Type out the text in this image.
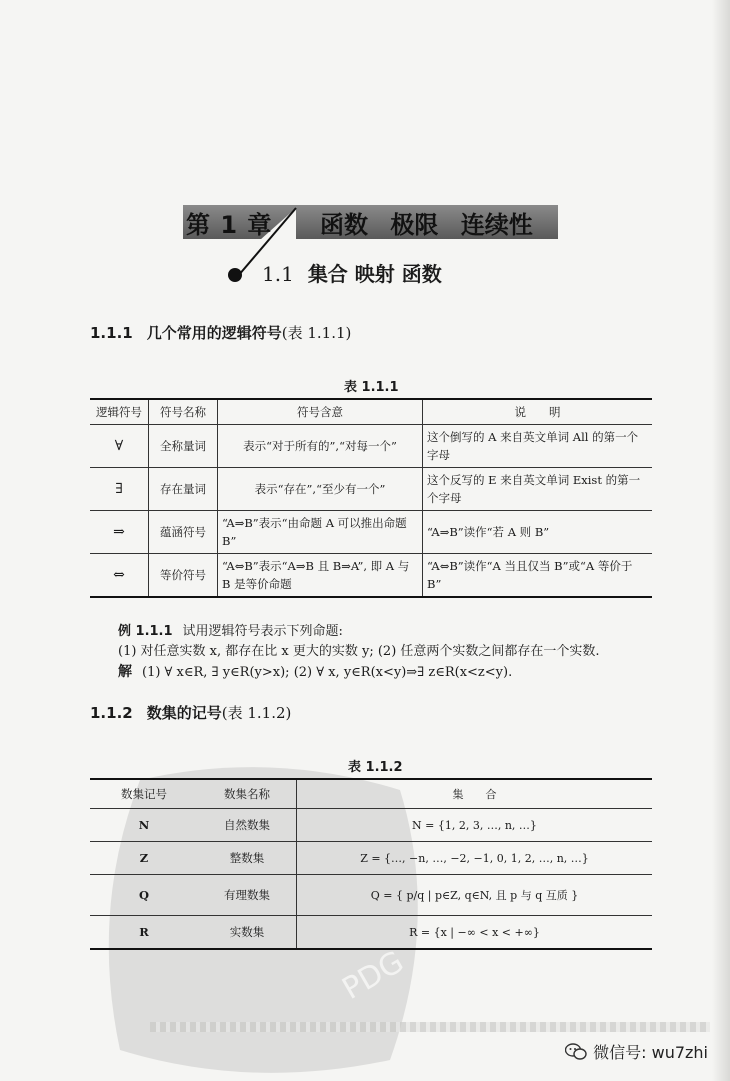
PDG
第 1 章 函数 极限 连续性
1.1 集合 映射 函数
1.1.1 几个常用的逻辑符号(表 1.1.1)
表 1.1.1
逻辑符号	符号名称	符号含意	说　　明
∀	全称量词	表示“对于所有的”,“对每一个”	这个倒写的 A 来自英文单词 All 的第一个字母
∃	存在量词	表示“存在”,“至少有一个”	这个反写的 E 来自英文单词 Exist 的第一个字母
⇒	蕴涵符号	“A⇒B”表示“由命题 A 可以推出命题 B”	“A⇒B”读作“若 A 则 B”
⇔	等价符号	“A⇔B”表示“A⇒B 且 B⇒A”, 即 A 与 B 是等价命题	“A⇔B”读作“A 当且仅当 B”或“A 等价于 B”
例 1.1.1 试用逻辑符号表示下列命题:
(1) 对任意实数 x, 都存在比 x 更大的实数 y; (2) 任意两个实数之间都存在一个实数.
解 (1) ∀ x∈R, ∃ y∈R(y>x); (2) ∀ x, y∈R(x<y)⇒∃ z∈R(x<z<y).
1.1.2 数集的记号(表 1.1.2)
表 1.1.2
数集记号	数集名称	集　　合
N	自然数集	N = {1, 2, 3, …, n, …}
Z	整数集	Z = {…, −n, …, −2, −1, 0, 1, 2, …, n, …}
Q	有理数集	Q = { p/q | p∈Z, q∈N, 且 p 与 q 互质 }
R	实数集	R = {x | −∞ < x < +∞}
微信号: wu7zhi
